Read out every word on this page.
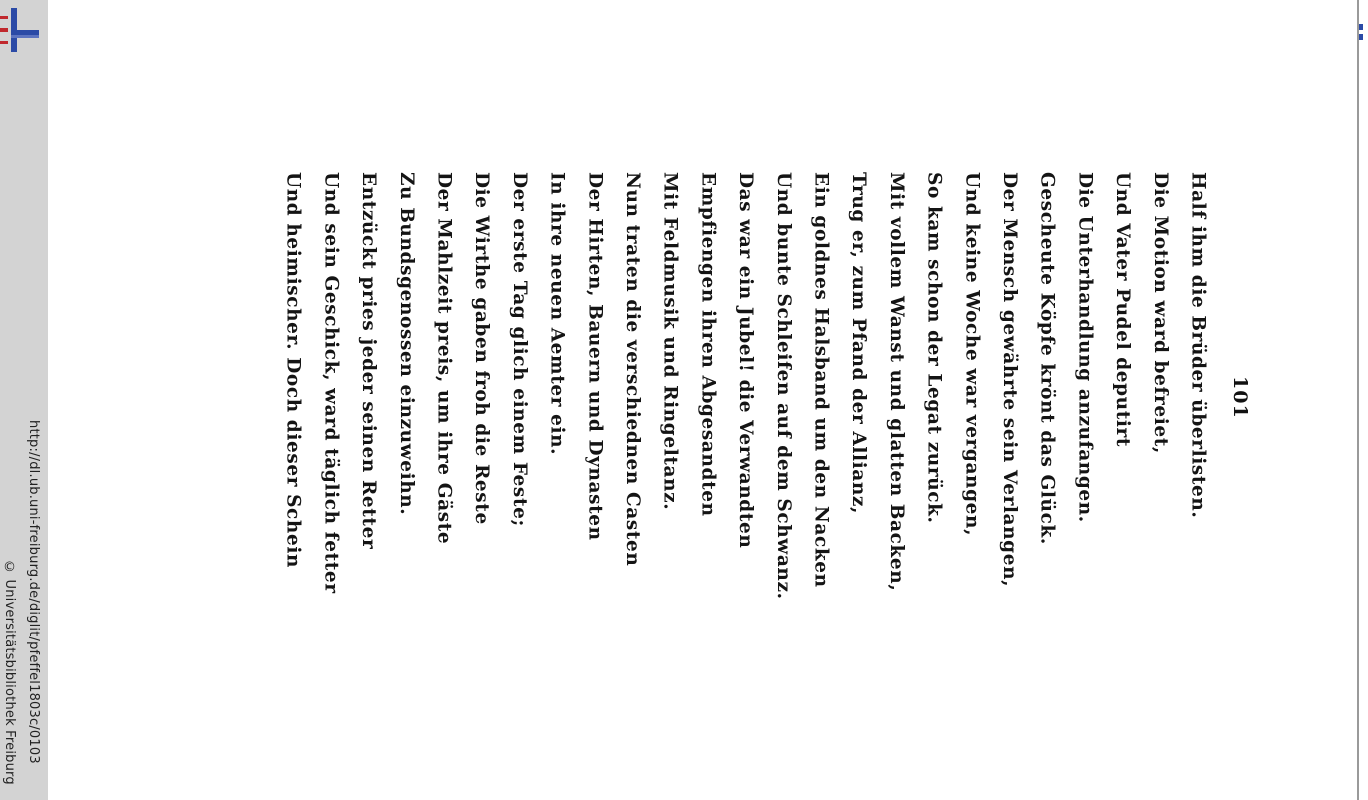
http://dl.ub.uni-freiburg.de/diglit/pfeffel1803c/0103
© Universitätsbibliothek Freiburg
101
Half ihm die Brüder überlisten.
Die Motion ward befreiet,
Und Vater Pudel deputirt
Die Unterhandlung anzufangen.
Gescheute Köpfe krönt das Glück.
Der Mensch gewährte sein Verlangen,
Und keine Woche war vergangen,
So kam schon der Legat zurück.
Mit vollem Wanst und glatten Backen,
Trug er, zum Pfand der Allianz,
Ein goldnes Halsband um den Nacken
Und bunte Schleifen auf dem Schwanz.
Das war ein Jubel! die Verwandten
Empfiengen ihren Abgesandten
Mit Feldmusik und Ringeltanz.
Nun traten die verschiednen Casten
Der Hirten, Bauern und Dynasten
In ihre neuen Aemter ein.
Der erste Tag glich einem Feste;
Die Wirthe gaben froh die Reste
Der Mahlzeit preis, um ihre Gäste
Zu Bundsgenossen einzuweihn.
Entzückt pries jeder seinen Retter
Und sein Geschick, ward täglich fetter
Und heimischer. Doch dieser Schein
